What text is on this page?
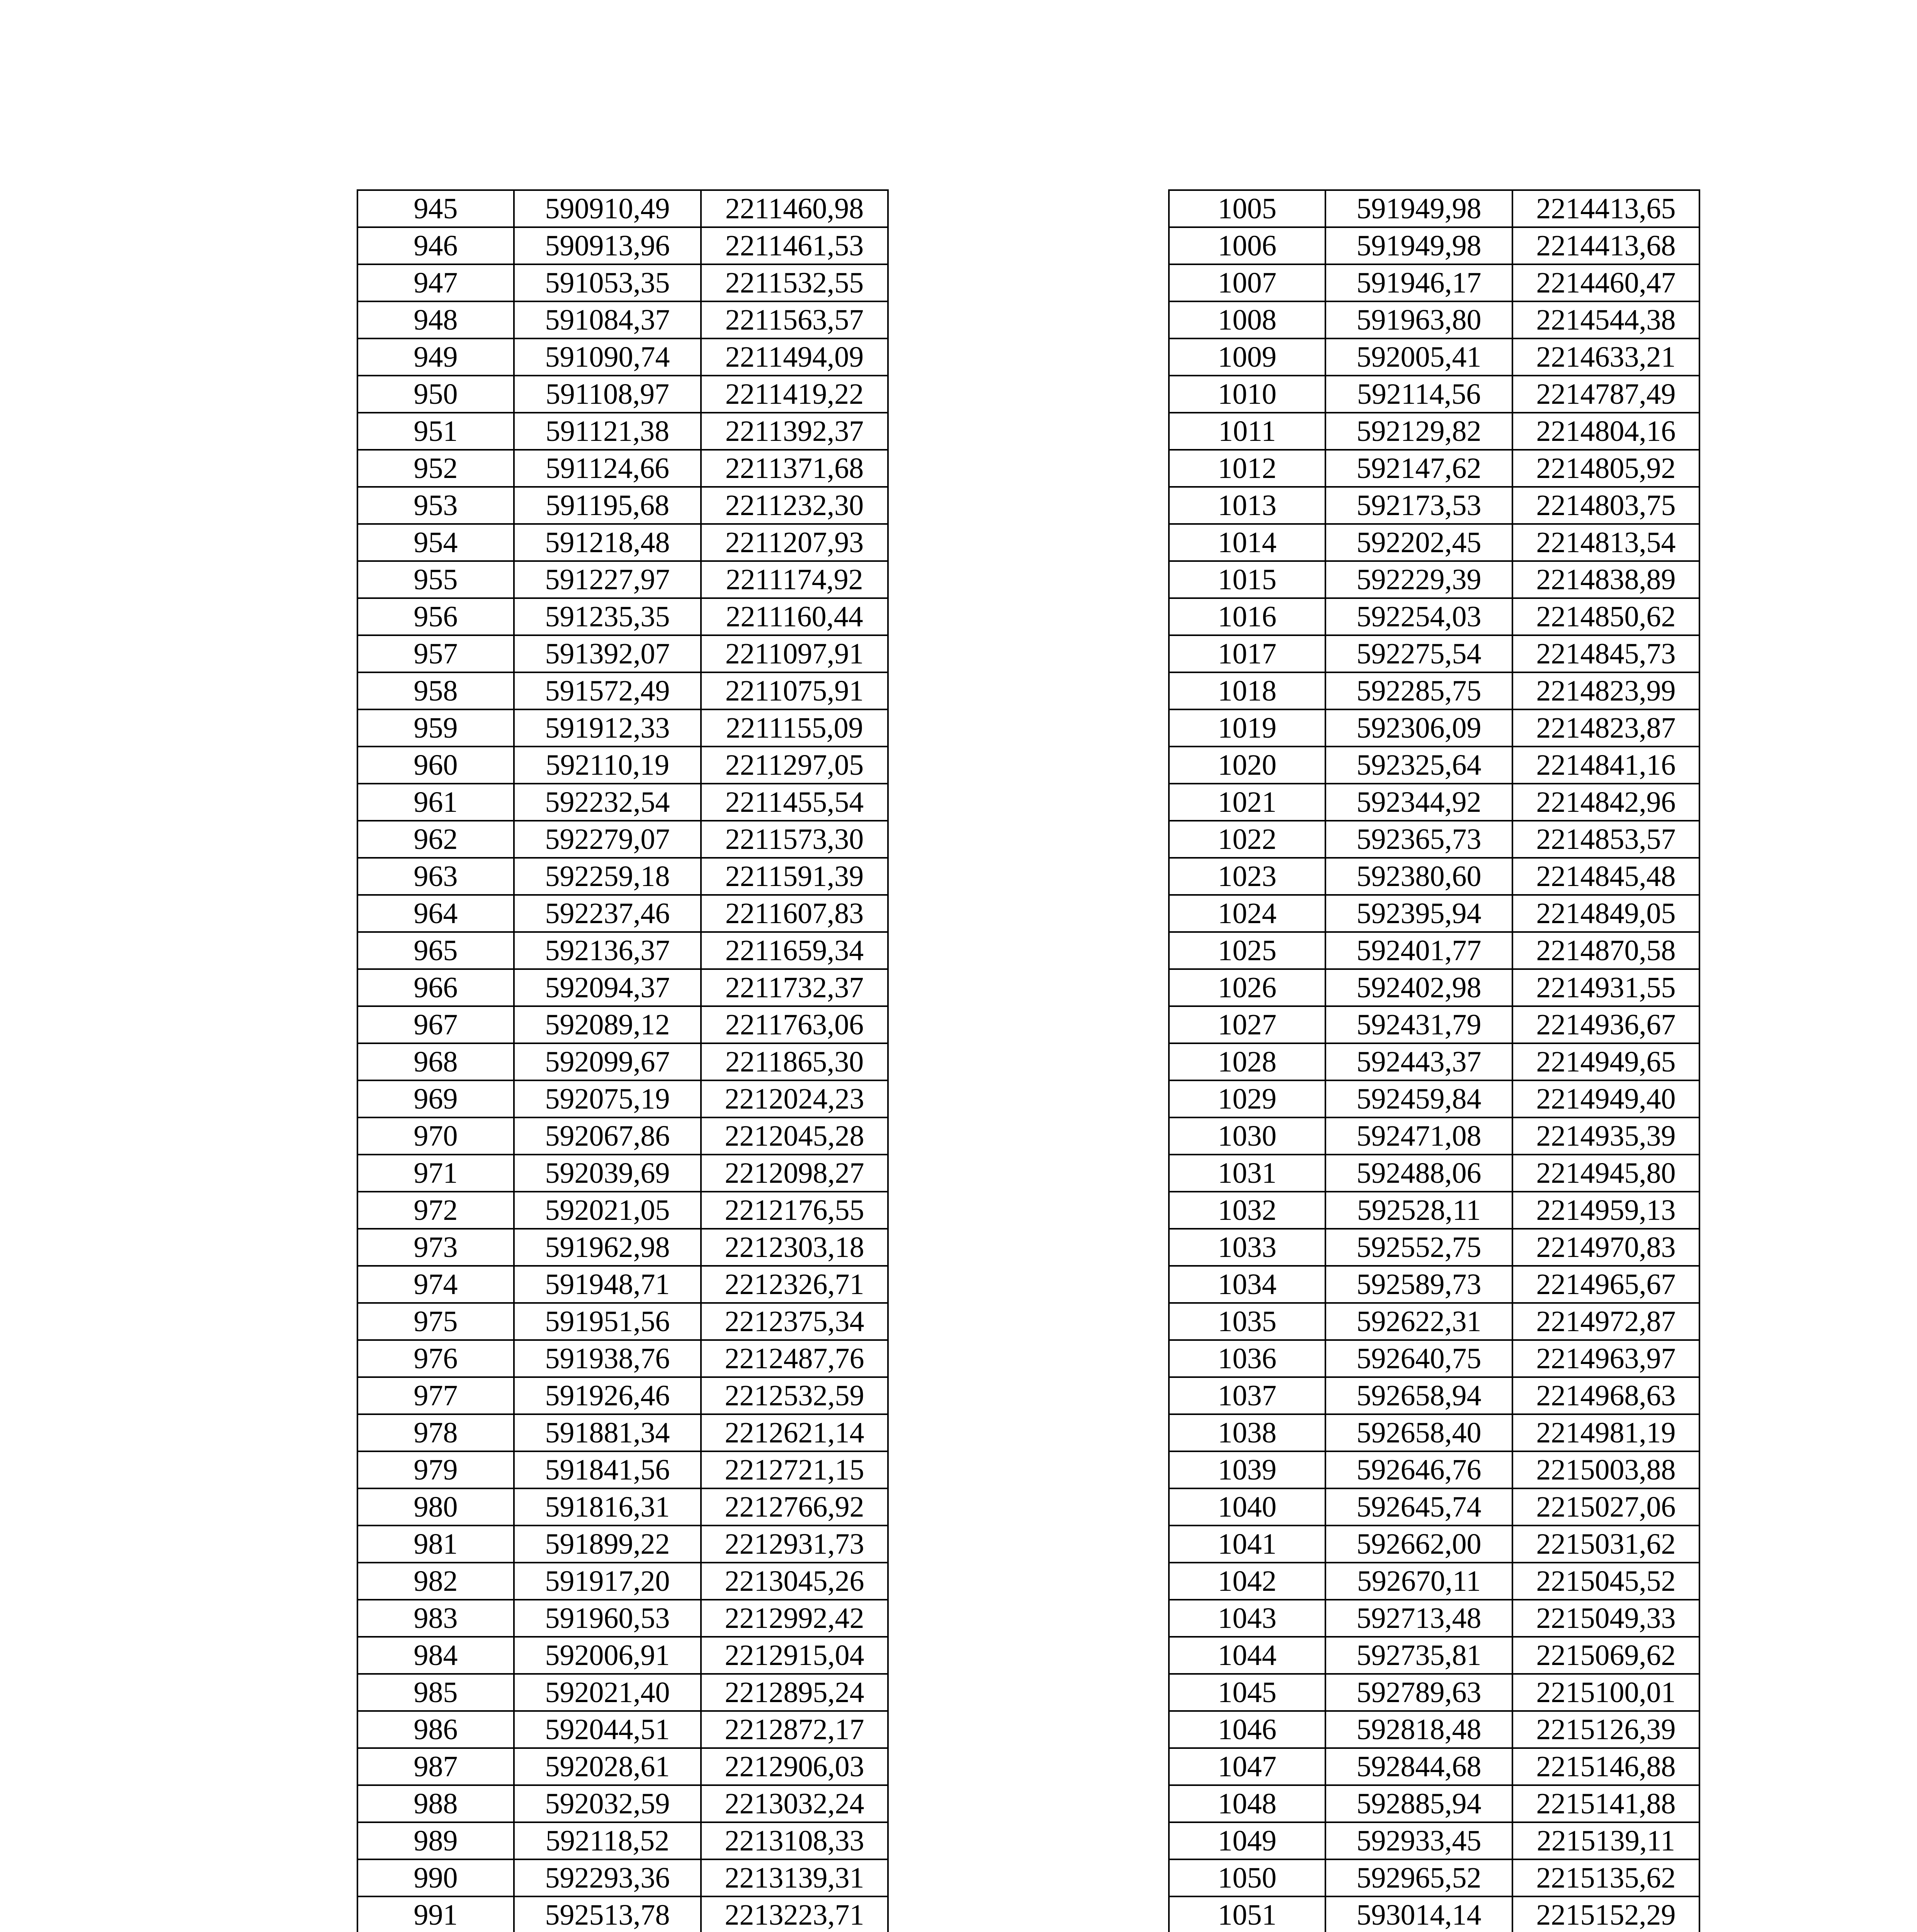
945	590910,49	2211460,98
946	590913,96	2211461,53
947	591053,35	2211532,55
948	591084,37	2211563,57
949	591090,74	2211494,09
950	591108,97	2211419,22
951	591121,38	2211392,37
952	591124,66	2211371,68
953	591195,68	2211232,30
954	591218,48	2211207,93
955	591227,97	2211174,92
956	591235,35	2211160,44
957	591392,07	2211097,91
958	591572,49	2211075,91
959	591912,33	2211155,09
960	592110,19	2211297,05
961	592232,54	2211455,54
962	592279,07	2211573,30
963	592259,18	2211591,39
964	592237,46	2211607,83
965	592136,37	2211659,34
966	592094,37	2211732,37
967	592089,12	2211763,06
968	592099,67	2211865,30
969	592075,19	2212024,23
970	592067,86	2212045,28
971	592039,69	2212098,27
972	592021,05	2212176,55
973	591962,98	2212303,18
974	591948,71	2212326,71
975	591951,56	2212375,34
976	591938,76	2212487,76
977	591926,46	2212532,59
978	591881,34	2212621,14
979	591841,56	2212721,15
980	591816,31	2212766,92
981	591899,22	2212931,73
982	591917,20	2213045,26
983	591960,53	2212992,42
984	592006,91	2212915,04
985	592021,40	2212895,24
986	592044,51	2212872,17
987	592028,61	2212906,03
988	592032,59	2213032,24
989	592118,52	2213108,33
990	592293,36	2213139,31
991	592513,78	2213223,71

1005	591949,98	2214413,65
1006	591949,98	2214413,68
1007	591946,17	2214460,47
1008	591963,80	2214544,38
1009	592005,41	2214633,21
1010	592114,56	2214787,49
1011	592129,82	2214804,16
1012	592147,62	2214805,92
1013	592173,53	2214803,75
1014	592202,45	2214813,54
1015	592229,39	2214838,89
1016	592254,03	2214850,62
1017	592275,54	2214845,73
1018	592285,75	2214823,99
1019	592306,09	2214823,87
1020	592325,64	2214841,16
1021	592344,92	2214842,96
1022	592365,73	2214853,57
1023	592380,60	2214845,48
1024	592395,94	2214849,05
1025	592401,77	2214870,58
1026	592402,98	2214931,55
1027	592431,79	2214936,67
1028	592443,37	2214949,65
1029	592459,84	2214949,40
1030	592471,08	2214935,39
1031	592488,06	2214945,80
1032	592528,11	2214959,13
1033	592552,75	2214970,83
1034	592589,73	2214965,67
1035	592622,31	2214972,87
1036	592640,75	2214963,97
1037	592658,94	2214968,63
1038	592658,40	2214981,19
1039	592646,76	2215003,88
1040	592645,74	2215027,06
1041	592662,00	2215031,62
1042	592670,11	2215045,52
1043	592713,48	2215049,33
1044	592735,81	2215069,62
1045	592789,63	2215100,01
1046	592818,48	2215126,39
1047	592844,68	2215146,88
1048	592885,94	2215141,88
1049	592933,45	2215139,11
1050	592965,52	2215135,62
1051	593014,14	2215152,29
